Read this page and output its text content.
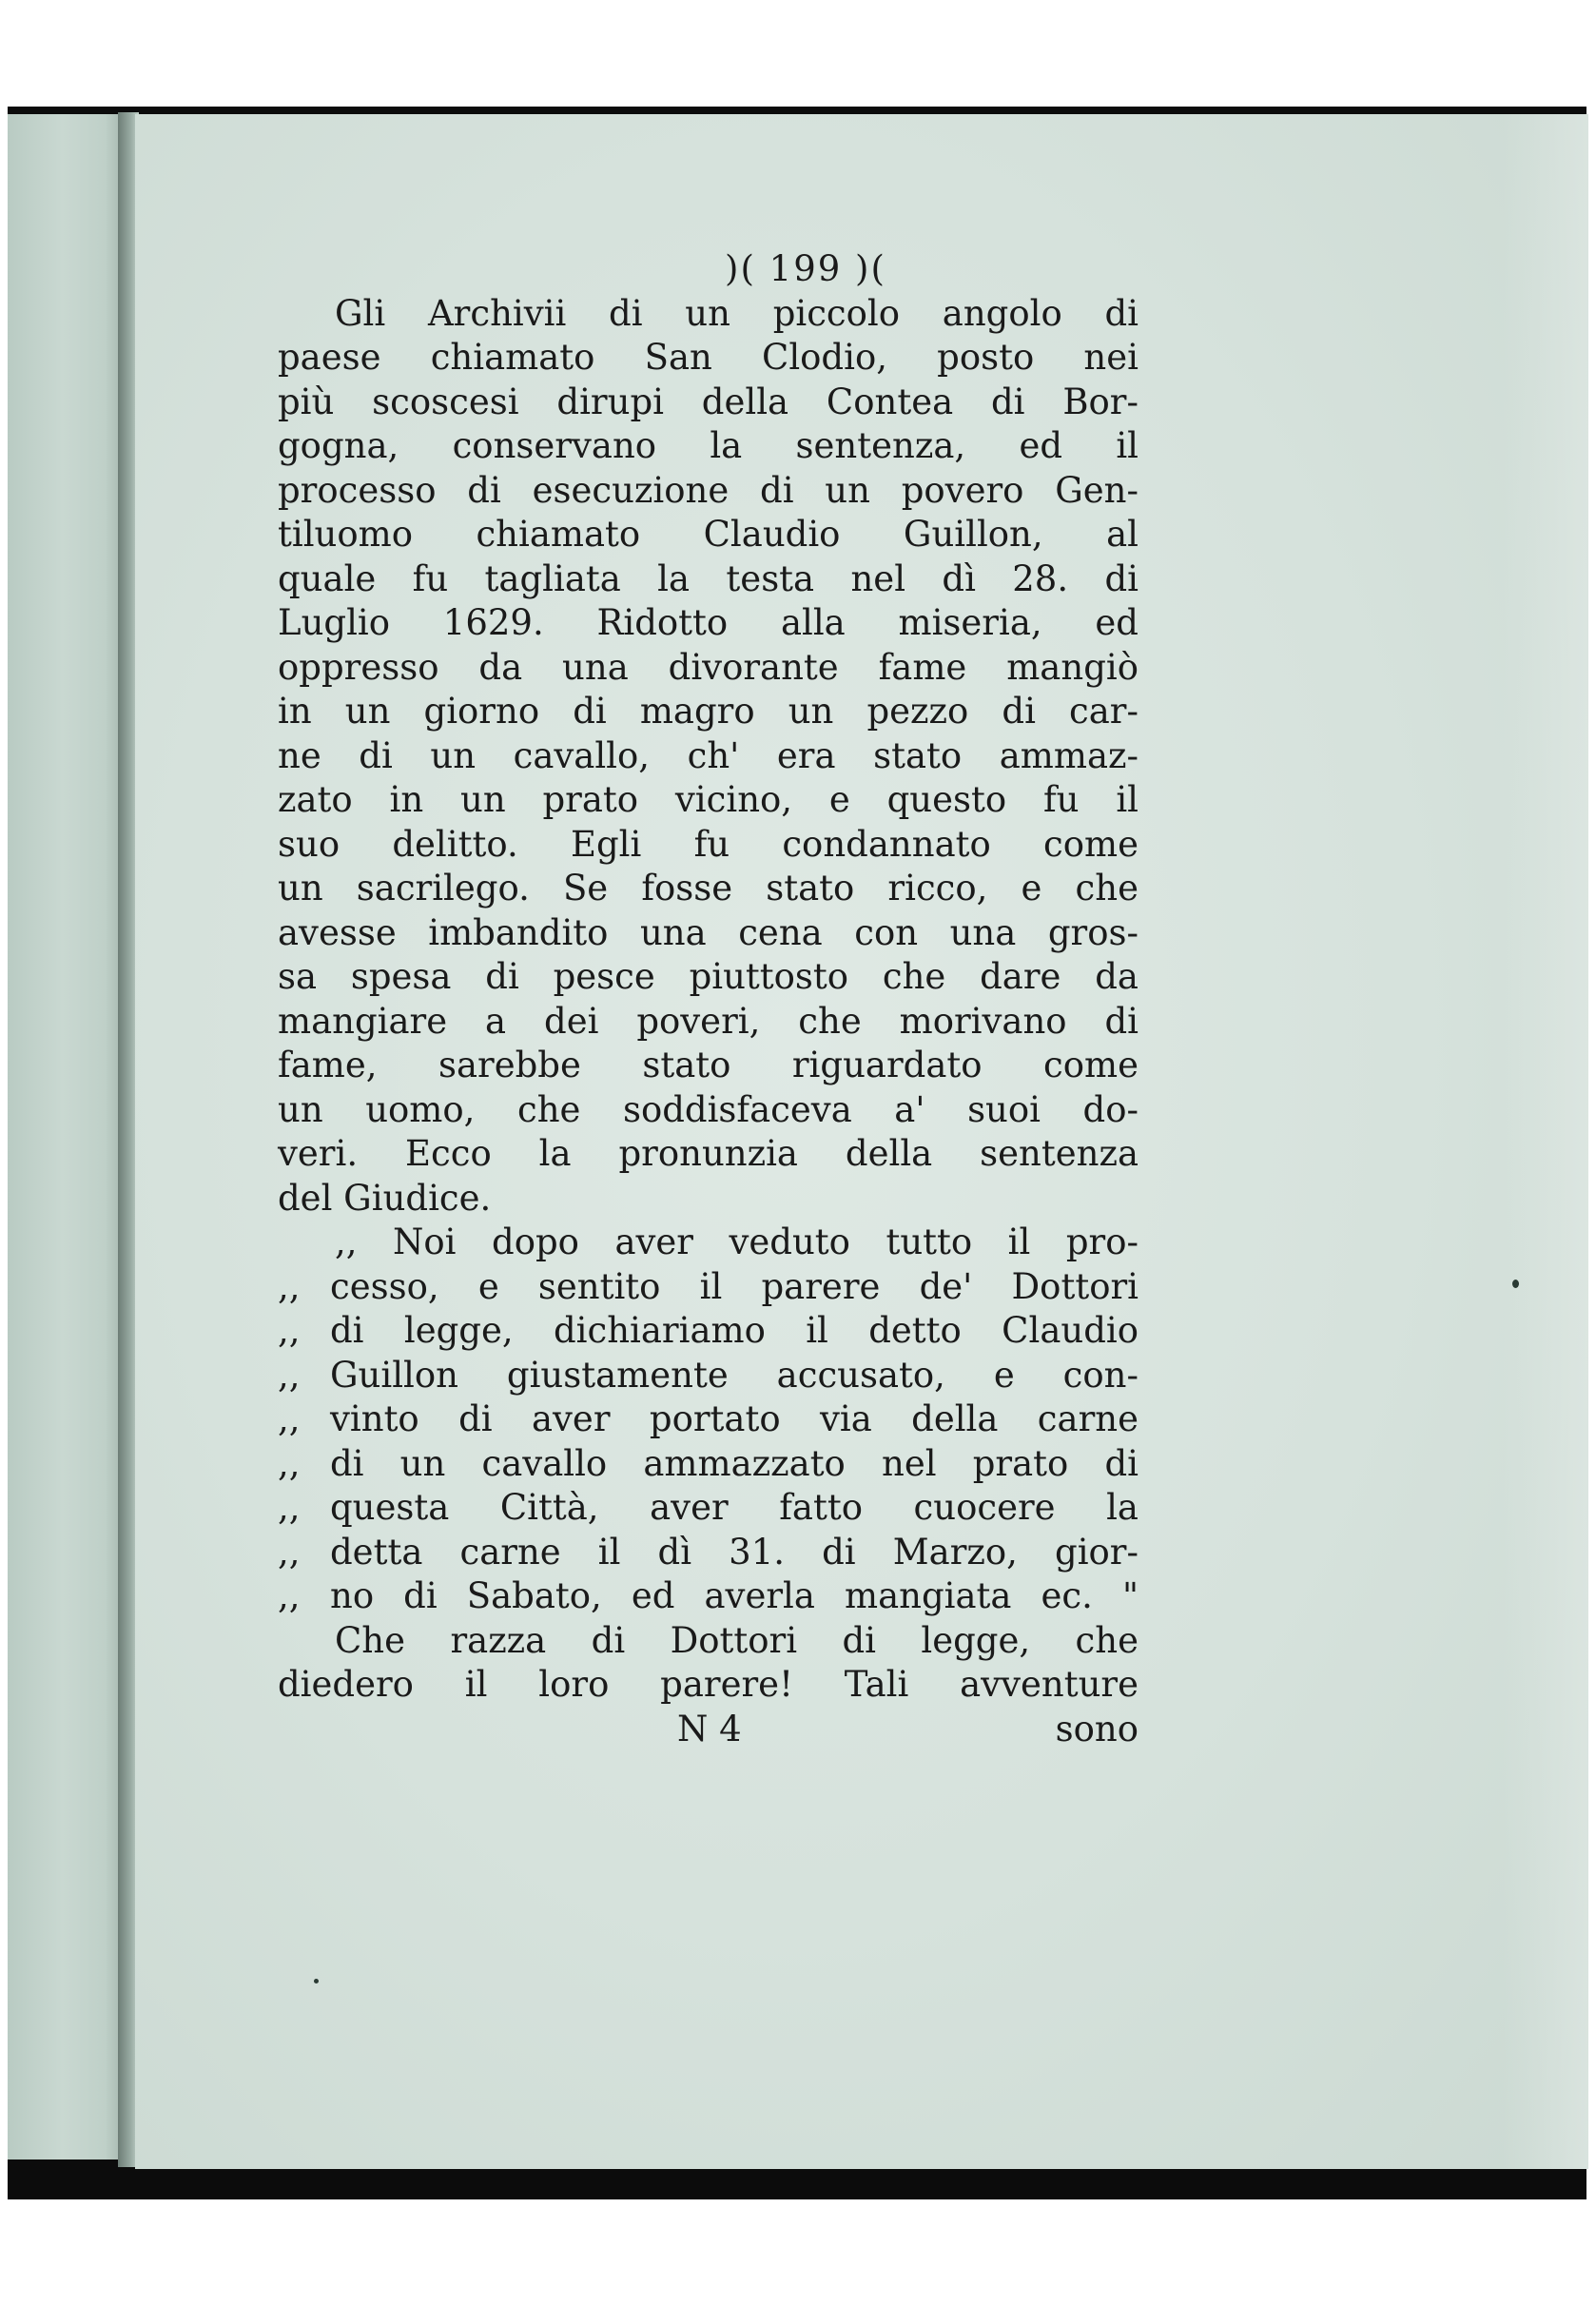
)( 199 )(
Gli Archivii di un piccolo angolo di
paese chiamato San Clodio, posto nei
più scoscesi dirupi della Contea di Bor-
gogna, conservano la sentenza, ed il
processo di esecuzione di un povero Gen-
tiluomo chiamato Claudio Guillon, al
quale fu tagliata la testa nel dì 28. di
Luglio 1629. Ridotto alla miseria, ed
oppresso da una divorante fame mangiò
in un giorno di magro un pezzo di car-
ne di un cavallo, ch' era stato ammaz-
zato in un prato vicino, e questo fu il
suo delitto. Egli fu condannato come
un sacrilego. Se fosse stato ricco, e che
avesse imbandito una cena con una gros-
sa spesa di pesce piuttosto che dare da
mangiare a dei poveri, che morivano di
fame, sarebbe stato riguardato come
un uomo, che soddisfaceva a' suoi do-
veri. Ecco la pronunzia della sentenza
del Giudice.
,, Noi dopo aver veduto tutto il pro-
,, cesso, e sentito il parere de' Dottori
,, di legge, dichiariamo il detto Claudio
,, Guillon giustamente accusato, e con-
,, vinto di aver portato via della carne
,, di un cavallo ammazzato nel prato di
,, questa Città, aver fatto cuocere la
,, detta carne il dì 31. di Marzo, gior-
,, no di Sabato, ed averla mangiata ec. "
Che razza di Dottori di legge, che
diedero il loro parere! Tali avventure
N 4	sono
